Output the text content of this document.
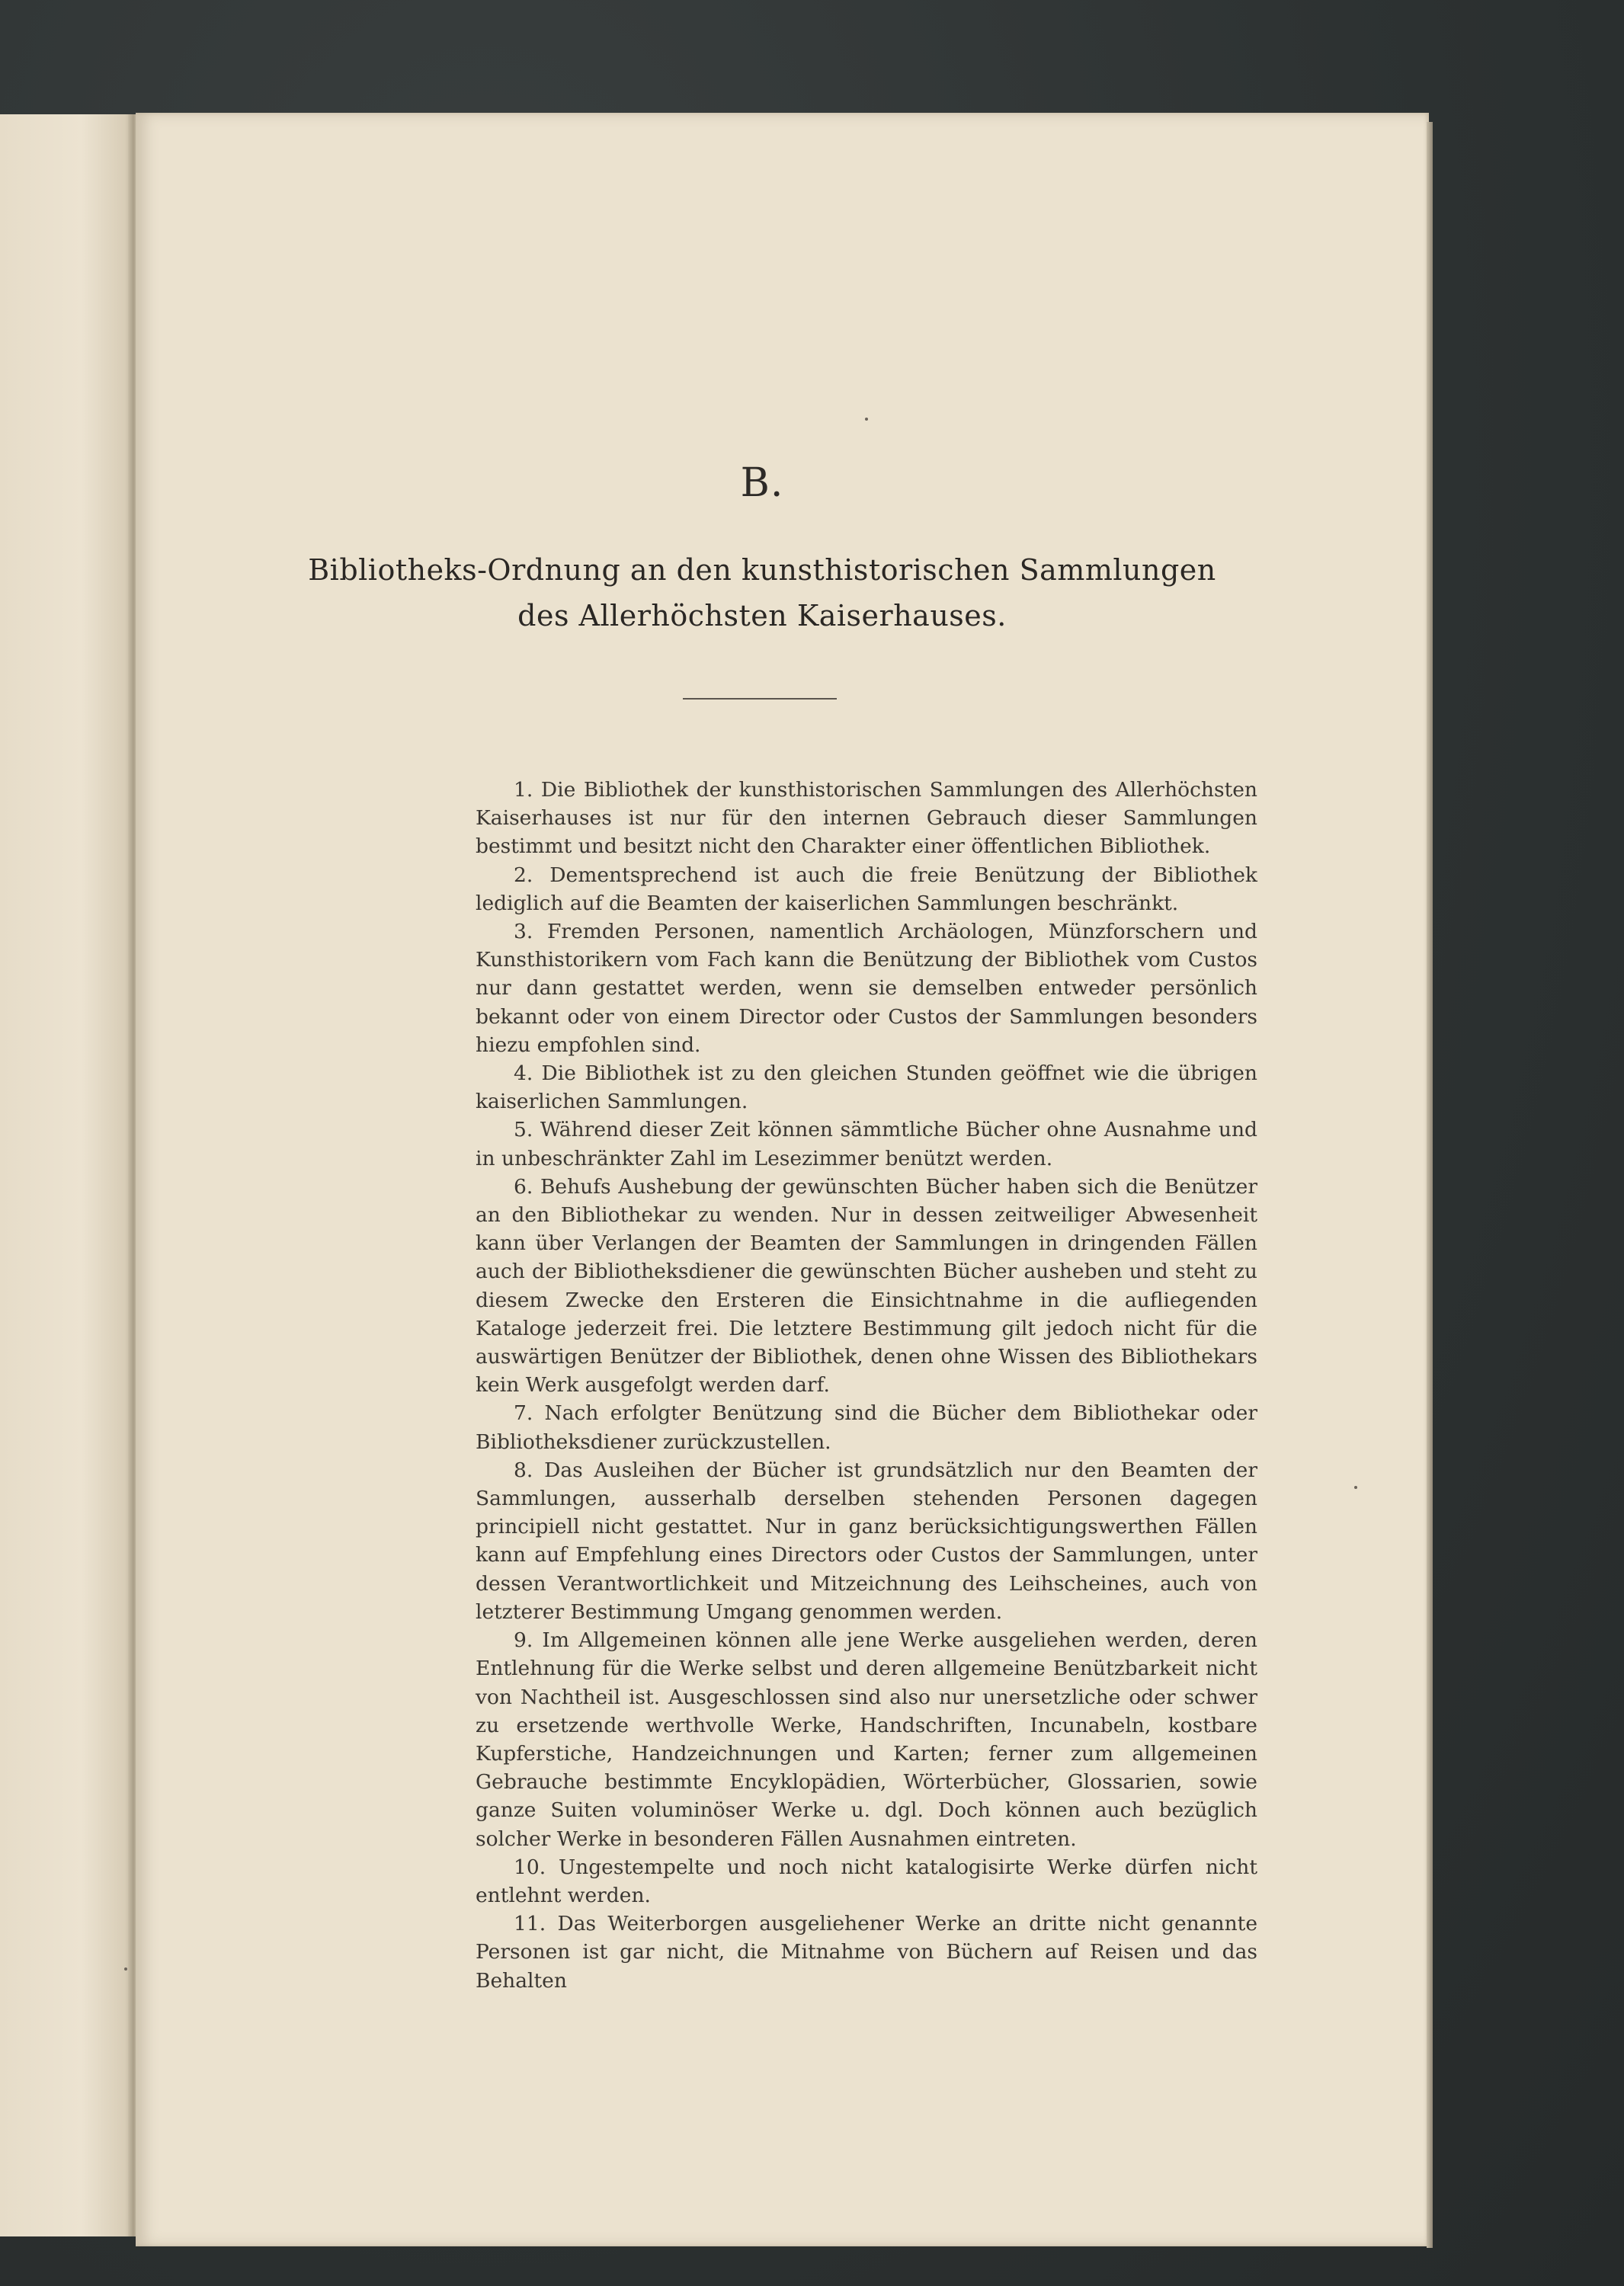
B.
Bibliotheks-Ordnung an den kunsthistorischen Sammlungen
des Allerhöchsten Kaiserhauses.

1. Die Bibliothek der kunsthistorischen Sammlungen des Allerhöchsten Kaiserhauses ist nur für den internen Gebrauch dieser Sammlungen bestimmt und besitzt nicht den Charakter einer öffentlichen Bibliothek.

2. Dementsprechend ist auch die freie Benützung der Bibliothek lediglich auf die Beamten der kaiserlichen Sammlungen beschränkt.

3. Fremden Personen, namentlich Archäologen, Münzforschern und Kunsthistorikern vom Fach kann die Benützung der Bibliothek vom Custos nur dann gestattet werden, wenn sie demselben entweder persönlich bekannt oder von einem Director oder Custos der Sammlungen besonders hiezu empfohlen sind.

4. Die Bibliothek ist zu den gleichen Stunden geöffnet wie die übrigen kaiserlichen Sammlungen.

5. Während dieser Zeit können sämmtliche Bücher ohne Ausnahme und in unbeschränkter Zahl im Lesezimmer benützt werden.

6. Behufs Aushebung der gewünschten Bücher haben sich die Benützer an den Bibliothekar zu wenden. Nur in dessen zeitweiliger Abwesenheit kann über Verlangen der Beamten der Sammlungen in dringenden Fällen auch der Bibliotheksdiener die gewünschten Bücher ausheben und steht zu diesem Zwecke den Ersteren die Einsichtnahme in die aufliegenden Kataloge jederzeit frei. Die letztere Bestimmung gilt jedoch nicht für die auswärtigen Benützer der Bibliothek, denen ohne Wissen des Bibliothekars kein Werk ausgefolgt werden darf.

7. Nach erfolgter Benützung sind die Bücher dem Bibliothekar oder Bibliotheksdiener zurückzustellen.

8. Das Ausleihen der Bücher ist grundsätzlich nur den Beamten der Sammlungen, ausserhalb derselben stehenden Personen dagegen principiell nicht gestattet. Nur in ganz berücksichtigungswerthen Fällen kann auf Empfehlung eines Directors oder Custos der Sammlungen, unter dessen Verantwortlichkeit und Mitzeichnung des Leihscheines, auch von letzterer Bestimmung Umgang genommen werden.

9. Im Allgemeinen können alle jene Werke ausgeliehen werden, deren Entlehnung für die Werke selbst und deren allgemeine Benützbarkeit nicht von Nachtheil ist. Ausgeschlossen sind also nur unersetzliche oder schwer zu ersetzende werthvolle Werke, Handschriften, Incunabeln, kostbare Kupferstiche, Handzeichnungen und Karten; ferner zum allgemeinen Gebrauche bestimmte Encyklopädien, Wörterbücher, Glossarien, sowie ganze Suiten voluminöser Werke u. dgl. Doch können auch bezüglich solcher Werke in besonderen Fällen Ausnahmen eintreten.

10. Ungestempelte und noch nicht katalogisirte Werke dürfen nicht entlehnt werden.

11. Das Weiterborgen ausgeliehener Werke an dritte nicht genannte Personen ist gar nicht, die Mitnahme von Büchern auf Reisen und das Behalten
